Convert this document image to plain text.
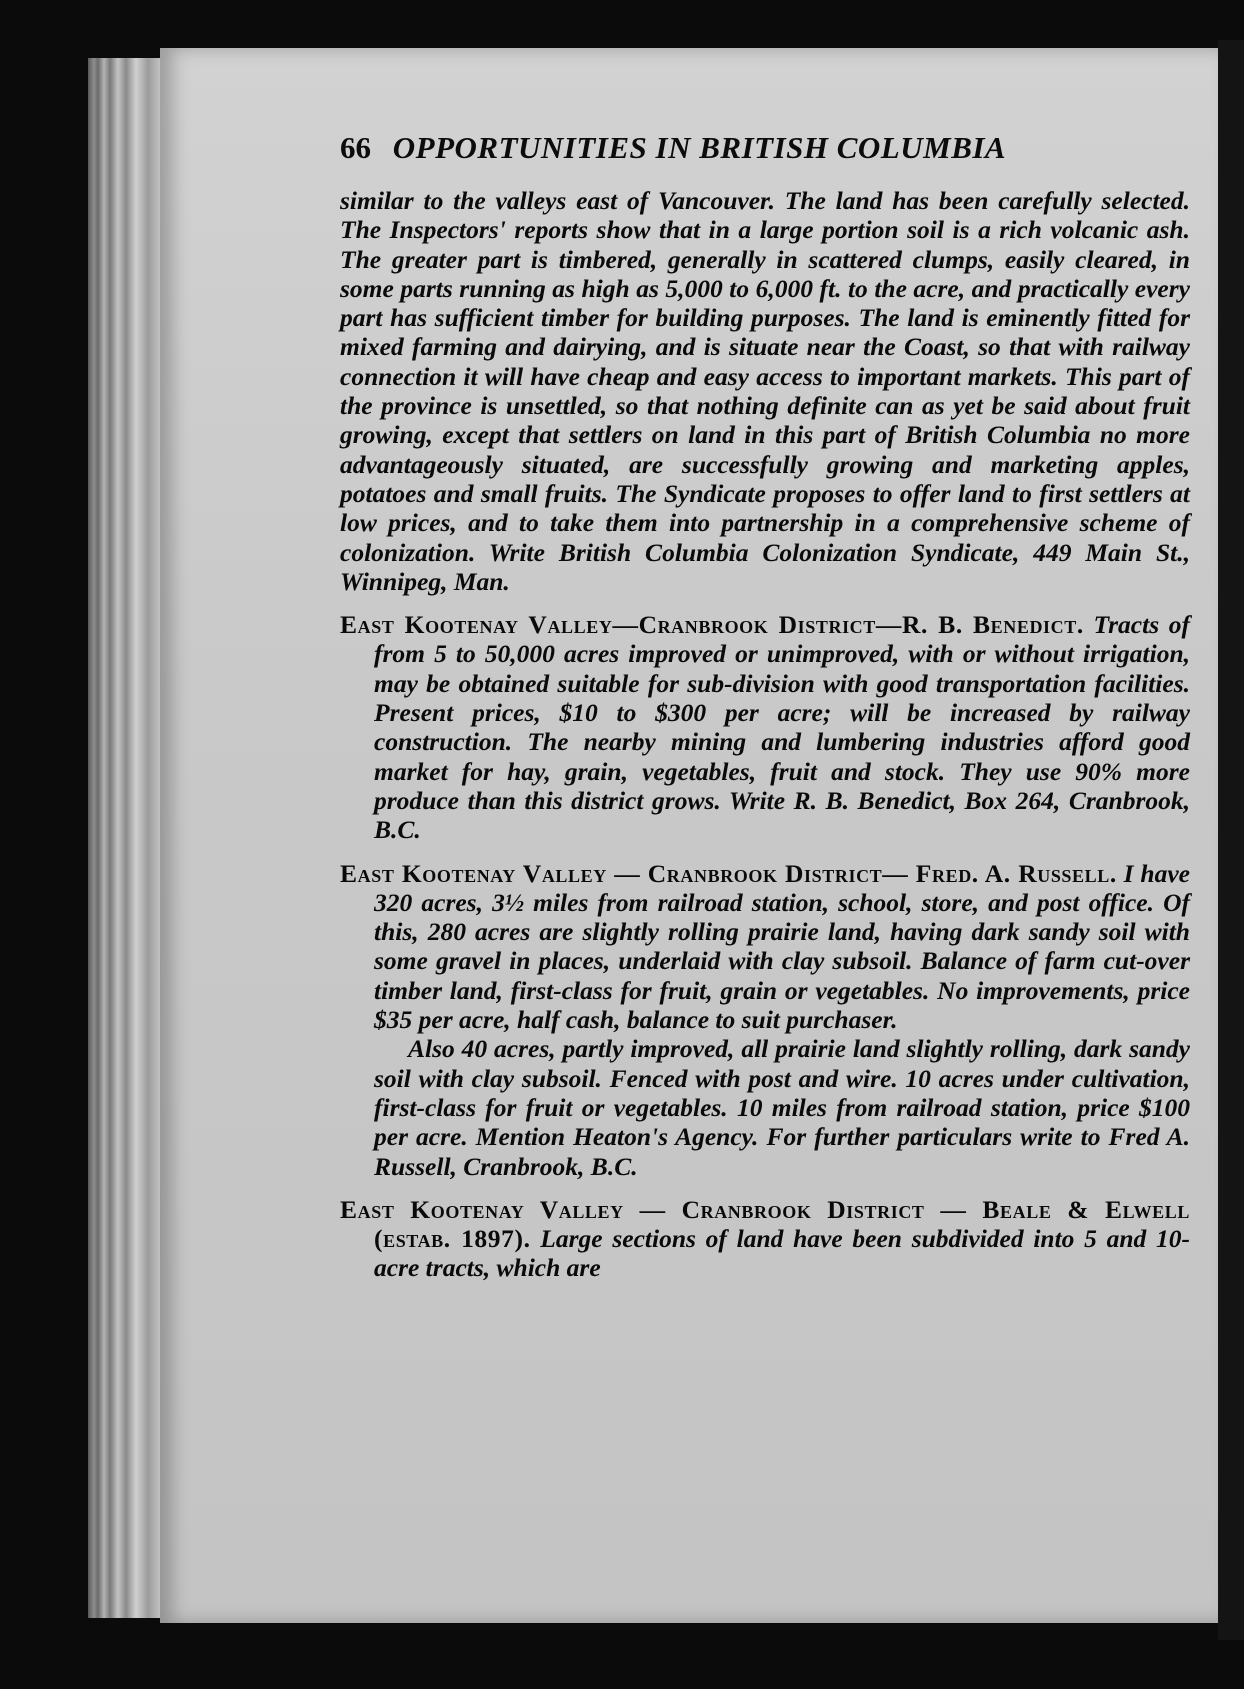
66 OPPORTUNITIES IN BRITISH COLUMBIA

similar to the valleys east of Vancouver. The land has been carefully selected. The Inspectors' reports show that in a large portion soil is a rich volcanic ash. The greater part is timbered, generally in scattered clumps, easily cleared, in some parts running as high as 5,000 to 6,000 ft. to the acre, and practically every part has sufficient timber for building purposes. The land is eminently fitted for mixed farming and dairying, and is situate near the Coast, so that with railway connection it will have cheap and easy access to important markets. This part of the province is unsettled, so that nothing definite can as yet be said about fruit growing, except that settlers on land in this part of British Columbia no more advantageously situated, are successfully growing and marketing apples, potatoes and small fruits. The Syndicate proposes to offer land to first settlers at low prices, and to take them into partnership in a comprehensive scheme of colonization. Write British Columbia Colonization Syndicate, 449 Main St., Winnipeg, Man.

East Kootenay Valley—Cranbrook District—R. B. Benedict. Tracts of from 5 to 50,000 acres improved or unimproved, with or without irrigation, may be obtained suitable for sub-division with good transportation facilities. Present prices, $10 to $300 per acre; will be increased by railway construction. The nearby mining and lumbering industries afford good market for hay, grain, vegetables, fruit and stock. They use 90% more produce than this district grows. Write R. B. Benedict, Box 264, Cranbrook, B.C.

East Kootenay Valley — Cranbrook District— Fred. A. Russell. I have 320 acres, 3½ miles from railroad station, school, store, and post office. Of this, 280 acres are slightly rolling prairie land, having dark sandy soil with some gravel in places, underlaid with clay subsoil. Balance of farm cut-over timber land, first-class for fruit, grain or vegetables. No improvements, price $35 per acre, half cash, balance to suit purchaser.

Also 40 acres, partly improved, all prairie land slightly rolling, dark sandy soil with clay subsoil. Fenced with post and wire. 10 acres under cultivation, first-class for fruit or vegetables. 10 miles from railroad station, price $100 per acre. Mention Heaton's Agency. For further particulars write to Fred A. Russell, Cranbrook, B.C.

East Kootenay Valley — Cranbrook District — Beale & Elwell (estab. 1897). Large sections of land have been subdivided into 5 and 10-acre tracts, which are
